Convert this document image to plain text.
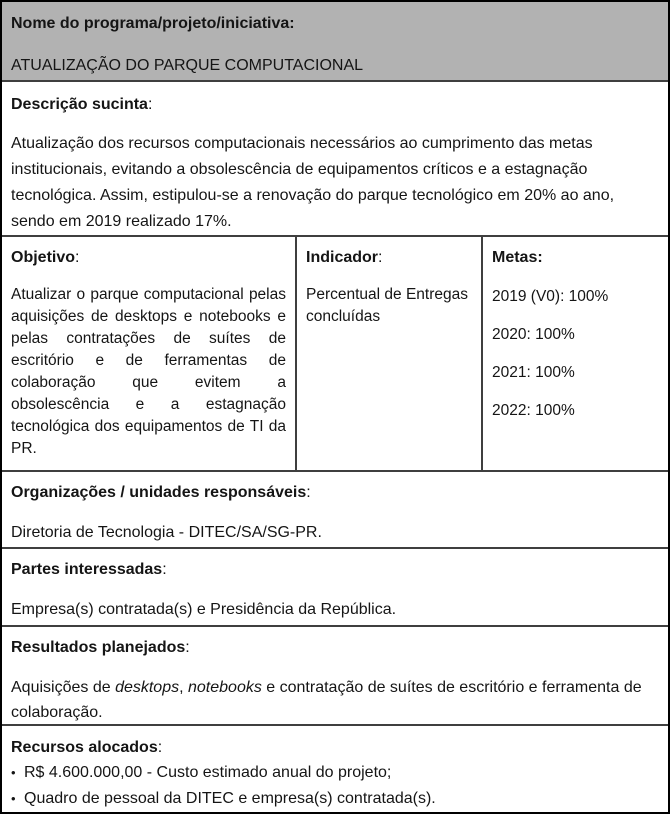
Nome do programa/projeto/iniciativa:

ATUALIZAÇÃO DO PARQUE COMPUTACIONAL

Descrição sucinta:

Atualização dos recursos computacionais necessários ao cumprimento das metas institucionais, evitando a obsolescência de equipamentos críticos e a estagnação tecnológica. Assim, estipulou-se a renovação do parque tecnológico em 20% ao ano, sendo em 2019 realizado 17%.

Objetivo:

Atualizar o parque computacional pelas aquisições de desktops e notebooks e pelas contratações de suítes de escritório e de ferramentas de colaboração que evitem a obsolescência e a estagnação tecnológica dos equipamentos de TI da PR.

Indicador:

Percentual de Entregas concluídas

Metas:

2019 (V0): 100%

2020: 100%

2021: 100%

2022: 100%

Organizações / unidades responsáveis:

Diretoria de Tecnologia - DITEC/SA/SG-PR.

Partes interessadas:

Empresa(s) contratada(s) e Presidência da República.

Resultados planejados:

Aquisições de desktops, notebooks e contratação de suítes de escritório e ferramenta de colaboração.

Recursos alocados:

• R$ 4.600.000,00 - Custo estimado anual do projeto;
• Quadro de pessoal da DITEC e empresa(s) contratada(s).
